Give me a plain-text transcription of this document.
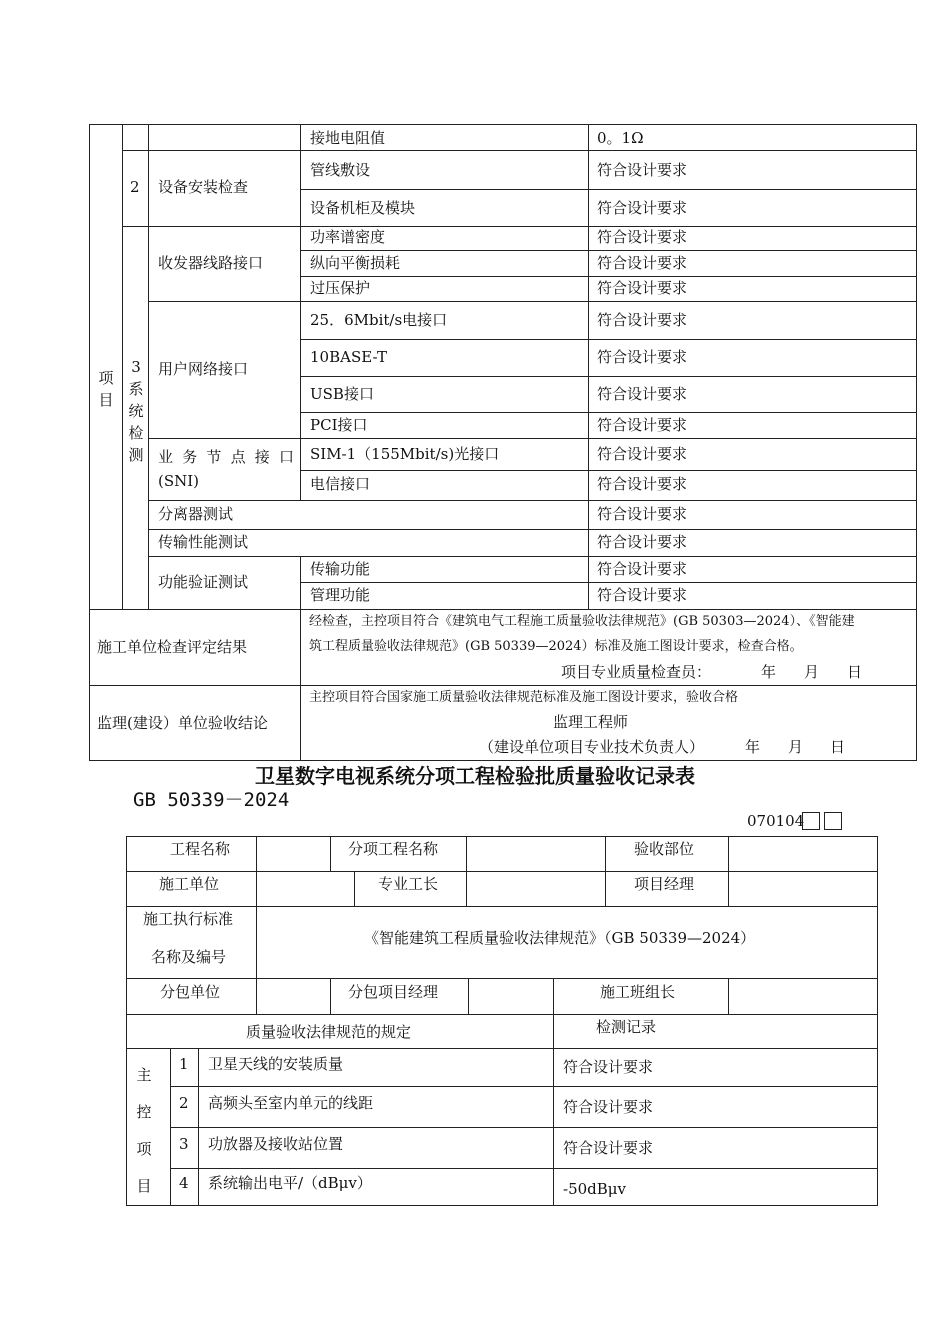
项目
接地电阻值	0。1Ω
2 设备安装检查
管线敷设	符合设计要求
设备机柜及模块	符合设计要求
3系统检测
收发器线路接口
功率谱密度	符合设计要求
纵向平衡损耗	符合设计要求
过压保护	符合设计要求
用户网络接口
25．6Mbit/s电接口	符合设计要求
10BASE-T	符合设计要求
USB接口	符合设计要求
PCI接口	符合设计要求
业 务 节 点 接 口
(SNI)
SIM-1（155Mbit/s)光接口	符合设计要求
电信接口	符合设计要求
分离器测试	符合设计要求
传输性能测试	符合设计要求
功能验证测试
传输功能	符合设计要求
管理功能	符合设计要求
施工单位检查评定结果
经检查，主控项目符合《建筑电气工程施工质量验收法律规范》(GB 50303—2024）、《智能建
筑工程质量验收法律规范》(GB 50339—2024）标准及施工图设计要求，检查合格。
项目专业质量检查员：	年 月 日
监理(建设）单位验收结论
主控项目符合国家施工质量验收法律规范标准及施工图设计要求，验收合格
监理工程师
（建设单位项目专业技术负责人）	年 月 日
卫星数字电视系统分项工程检验批质量验收记录表
GB 50339－2024
070104
工程名称	分项工程名称	验收部位
施工单位	专业工长	项目经理
施工执行标准
名称及编号
《智能建筑工程质量验收法律规范》（GB 50339—2024）
分包单位	分包项目经理	施工班组长
质量验收法律规范的规定	检测记录
主控项目
1 卫星天线的安装质量	符合设计要求
2 高频头至室内单元的线距	符合设计要求
3 功放器及接收站位置	符合设计要求
4 系统输出电平/（dBμv）	-50dBμv
